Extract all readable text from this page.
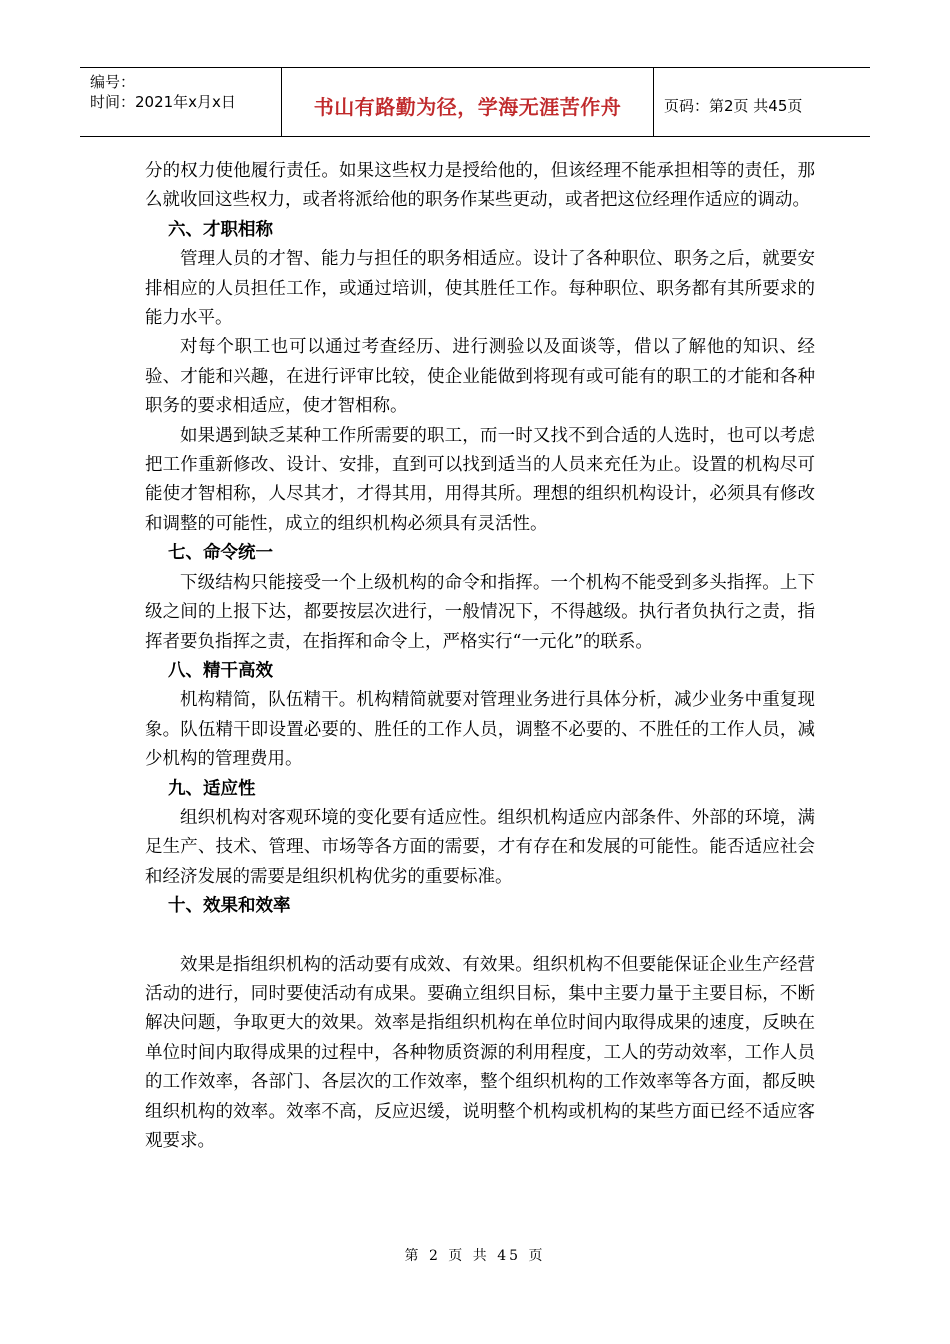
编号：
时间：2021年x月x日	书山有路勤为径，学海无涯苦作舟	页码：第2页 共45页

分的权力使他履行责任。如果这些权力是授给他的，但该经理不能承担相等的责任，那么就收回这些权力，或者将派给他的职务作某些更动，或者把这位经理作适应的调动。

六、才职相称

管理人员的才智、能力与担任的职务相适应。设计了各种职位、职务之后，就要安排相应的人员担任工作，或通过培训，使其胜任工作。每种职位、职务都有其所要求的能力水平。

对每个职工也可以通过考查经历、进行测验以及面谈等，借以了解他的知识、经验、才能和兴趣，在进行评审比较，使企业能做到将现有或可能有的职工的才能和各种职务的要求相适应，使才智相称。

如果遇到缺乏某种工作所需要的职工，而一时又找不到合适的人选时，也可以考虑把工作重新修改、设计、安排，直到可以找到适当的人员来充任为止。设置的机构尽可能使才智相称，人尽其才，才得其用，用得其所。理想的组织机构设计，必须具有修改和调整的可能性，成立的组织机构必须具有灵活性。

七、命令统一

下级结构只能接受一个上级机构的命令和指挥。一个机构不能受到多头指挥。上下级之间的上报下达，都要按层次进行，一般情况下，不得越级。执行者负执行之责，指挥者要负指挥之责，在指挥和命令上，严格实行“一元化”的联系。

八、精干高效

机构精简，队伍精干。机构精简就要对管理业务进行具体分析，减少业务中重复现象。队伍精干即设置必要的、胜任的工作人员，调整不必要的、不胜任的工作人员，减少机构的管理费用。

九、适应性

组织机构对客观环境的变化要有适应性。组织机构适应内部条件、外部的环境，满足生产、技术、管理、市场等各方面的需要，才有存在和发展的可能性。能否适应社会和经济发展的需要是组织机构优劣的重要标准。

十、效果和效率

效果是指组织机构的活动要有成效、有效果。组织机构不但要能保证企业生产经营活动的进行，同时要使活动有成果。要确立组织目标，集中主要力量于主要目标，不断解决问题，争取更大的效果。效率是指组织机构在单位时间内取得成果的速度，反映在单位时间内取得成果的过程中，各种物质资源的利用程度，工人的劳动效率，工作人员的工作效率，各部门、各层次的工作效率，整个组织机构的工作效率等各方面，都反映组织机构的效率。效率不高，反应迟缓，说明整个机构或机构的某些方面已经不适应客观要求。

第 2 页 共 45 页
